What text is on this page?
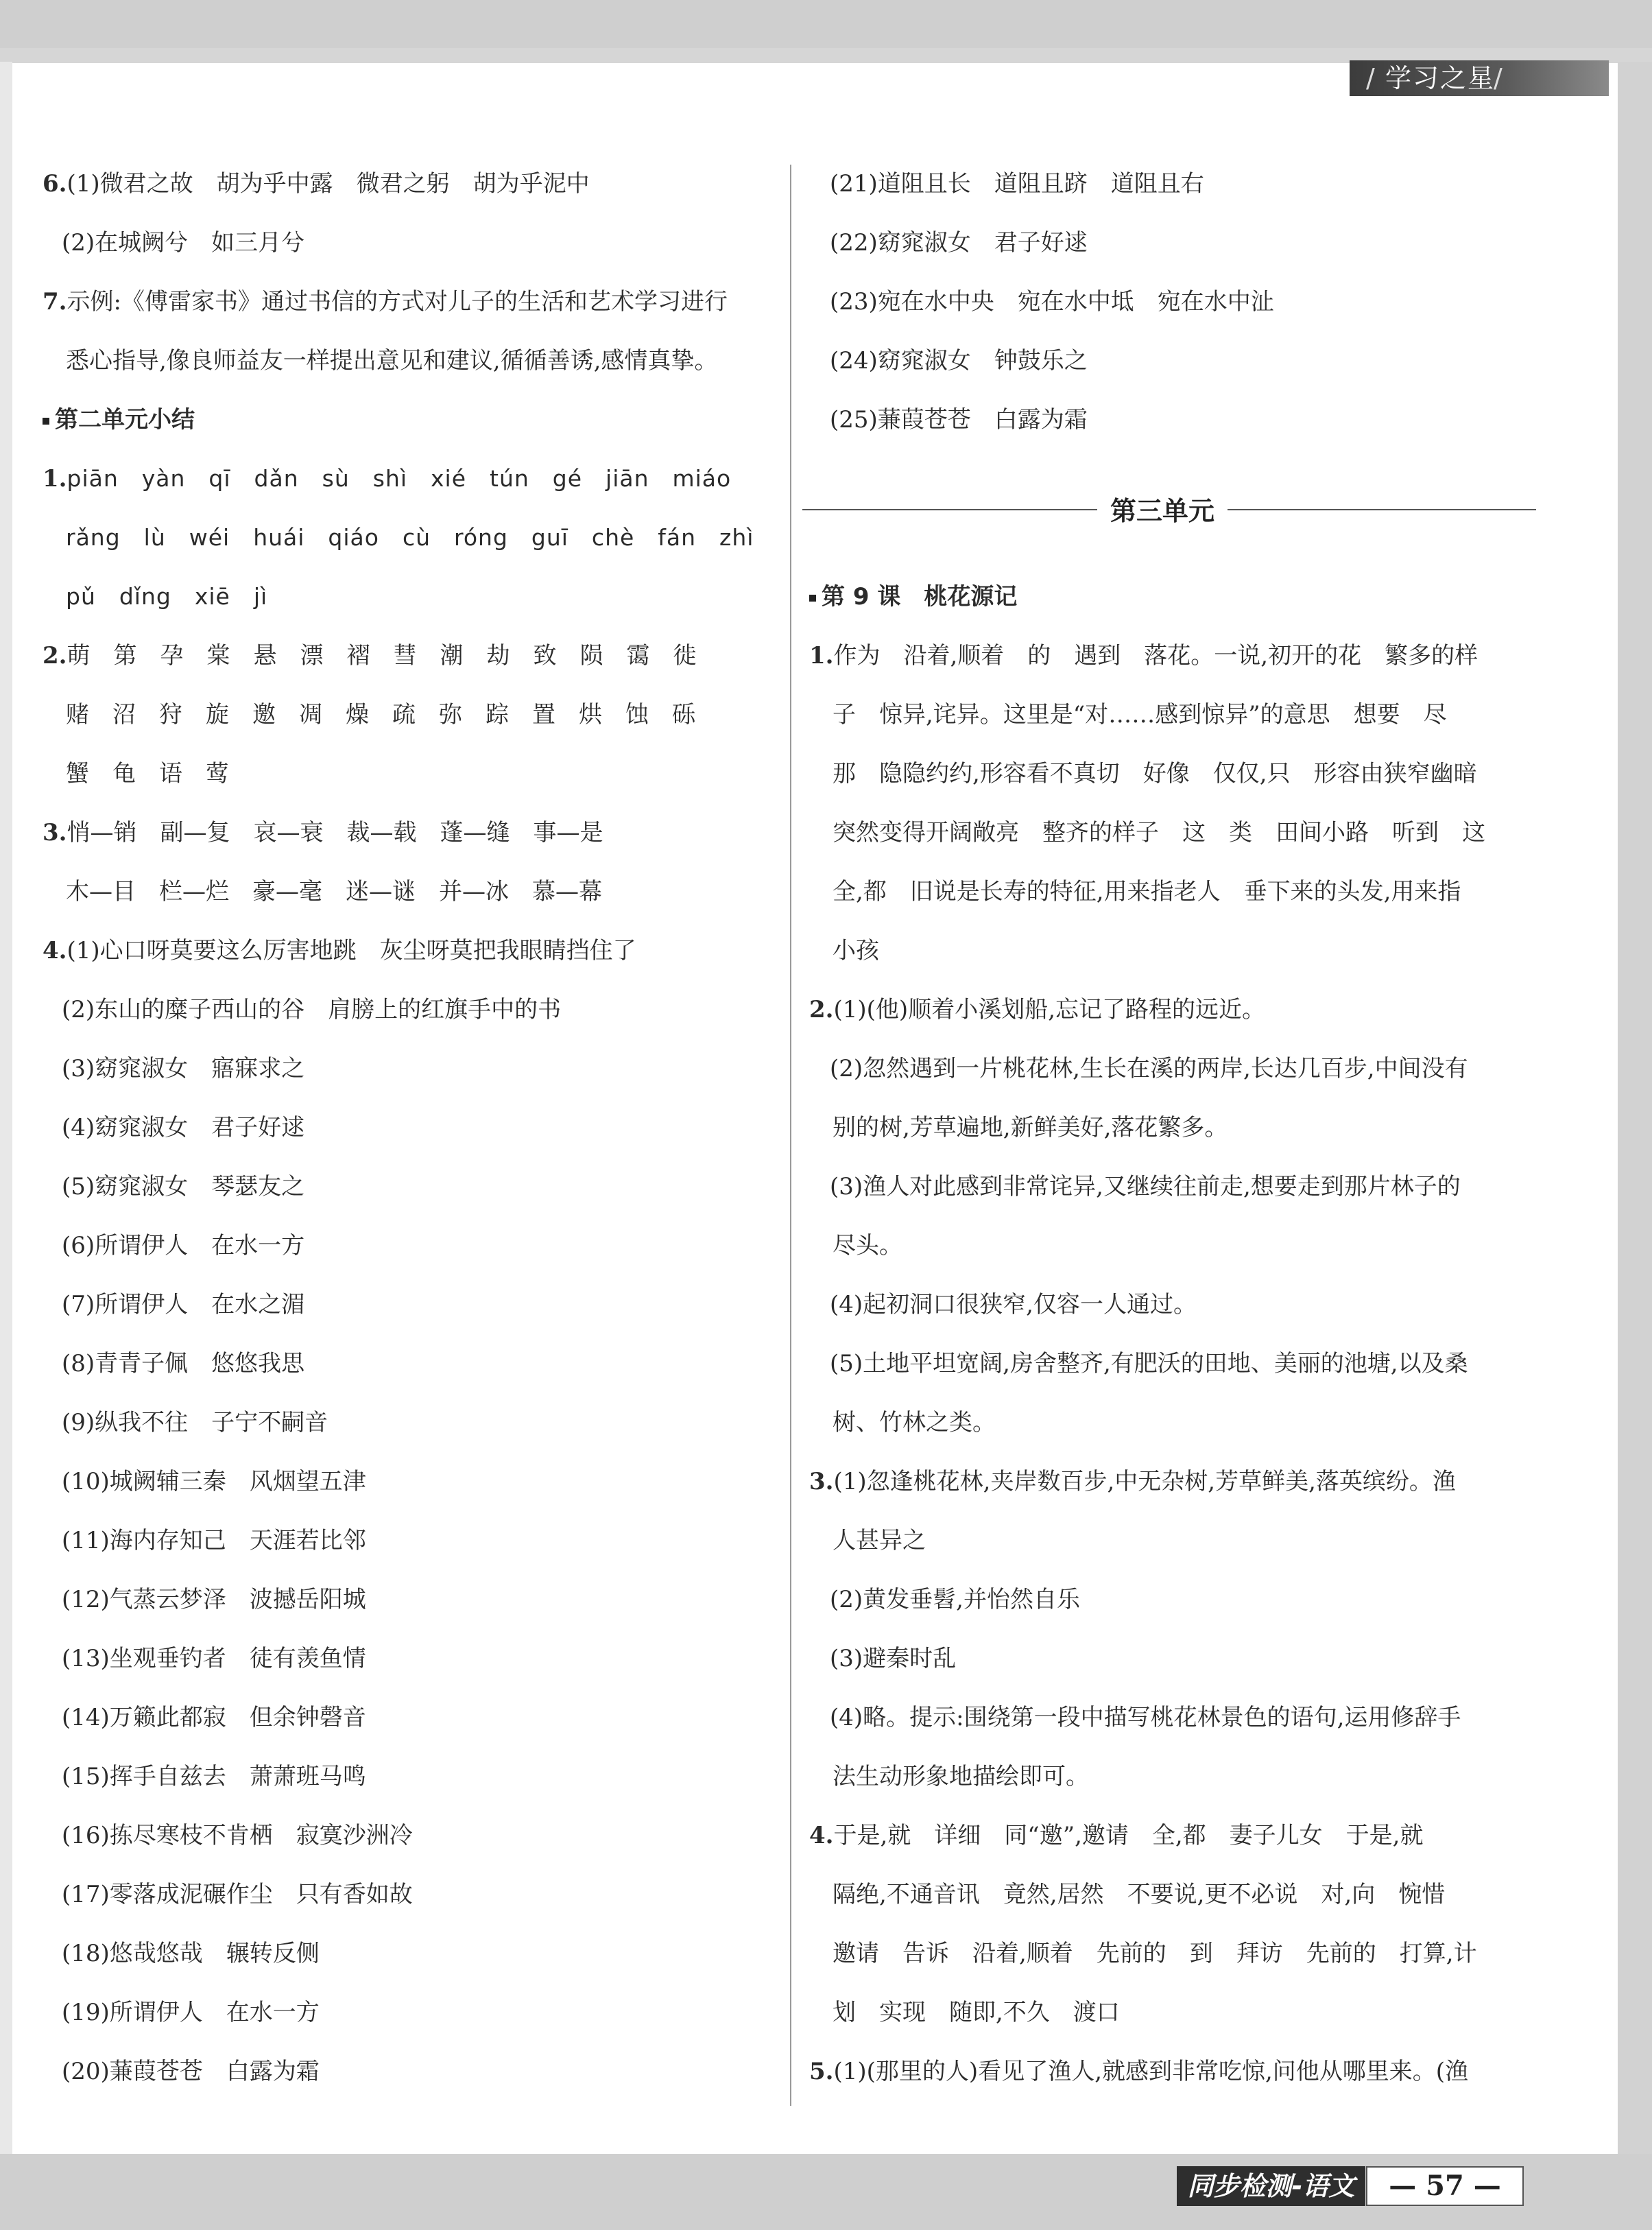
/ 学习之星 /
6.(1)微君之故　胡为乎中露　微君之躬　胡为乎泥中
(2)在城阙兮　如三月兮
7.示例:《傅雷家书》通过书信的方式对儿子的生活和艺术学习进行
悉心指导,像良师益友一样提出意见和建议,循循善诱,感情真挚。
第二单元小结
1.piān　yàn　qī　dǎn　sù　shì　xié　tún　gé　jiān　miáo
rǎng　lù　wéi　huái　qiáo　cù　róng　guī　chè　fán　zhì
pǔ　dǐng　xiē　jì
2.萌　第　孕　棠　悬　漂　褶　彗　潮　劫　致　陨　霭　徙
赌　沼　狩　旋　邀　凋　燥　疏　弥　踪　置　烘　蚀　砾
蟹　龟　语　莺
3.悄—销　副—复　哀—衰　裁—载　蓬—缝　事—是
木—目　栏—烂　豪—毫　迷—谜　并—冰　慕—幕
4.(1)心口呀莫要这么厉害地跳　灰尘呀莫把我眼睛挡住了
(2)东山的糜子西山的谷　肩膀上的红旗手中的书
(3)窈窕淑女　寤寐求之
(4)窈窕淑女　君子好逑
(5)窈窕淑女　琴瑟友之
(6)所谓伊人　在水一方
(7)所谓伊人　在水之湄
(8)青青子佩　悠悠我思
(9)纵我不往　子宁不嗣音
(10)城阙辅三秦　风烟望五津
(11)海内存知己　天涯若比邻
(12)气蒸云梦泽　波撼岳阳城
(13)坐观垂钓者　徒有羡鱼情
(14)万籁此都寂　但余钟磬音
(15)挥手自兹去　萧萧班马鸣
(16)拣尽寒枝不肯栖　寂寞沙洲冷
(17)零落成泥碾作尘　只有香如故
(18)悠哉悠哉　辗转反侧
(19)所谓伊人　在水一方
(20)蒹葭苍苍　白露为霜
(21)道阻且长　道阻且跻　道阻且右
(22)窈窕淑女　君子好逑
(23)宛在水中央　宛在水中坻　宛在水中沚
(24)窈窕淑女　钟鼓乐之
(25)蒹葭苍苍　白露为霜
第三单元
第 9 课　桃花源记
1.作为　沿着,顺着　的　遇到　落花。一说,初开的花　繁多的样
子　惊异,诧异。这里是“对……感到惊异”的意思　想要　尽
那　隐隐约约,形容看不真切　好像　仅仅,只　形容由狭窄幽暗
突然变得开阔敞亮　整齐的样子　这　类　田间小路　听到　这
全,都　旧说是长寿的特征,用来指老人　垂下来的头发,用来指
小孩
2.(1)(他)顺着小溪划船,忘记了路程的远近。
(2)忽然遇到一片桃花林,生长在溪的两岸,长达几百步,中间没有
别的树,芳草遍地,新鲜美好,落花繁多。
(3)渔人对此感到非常诧异,又继续往前走,想要走到那片林子的
尽头。
(4)起初洞口很狭窄,仅容一人通过。
(5)土地平坦宽阔,房舍整齐,有肥沃的田地、美丽的池塘,以及桑
树、竹林之类。
3.(1)忽逢桃花林,夹岸数百步,中无杂树,芳草鲜美,落英缤纷。渔
人甚异之
(2)黄发垂髫,并怡然自乐
(3)避秦时乱
(4)略。提示:围绕第一段中描写桃花林景色的语句,运用修辞手
法生动形象地描绘即可。
4.于是,就　详细　同“邀”,邀请　全,都　妻子儿女　于是,就
隔绝,不通音讯　竟然,居然　不要说,更不必说　对,向　惋惜
邀请　告诉　沿着,顺着　先前的　到　拜访　先前的　打算,计
划　实现　随即,不久　渡口
5.(1)(那里的人)看见了渔人,就感到非常吃惊,问他从哪里来。(渔
同步检测-语文	— 57 —
